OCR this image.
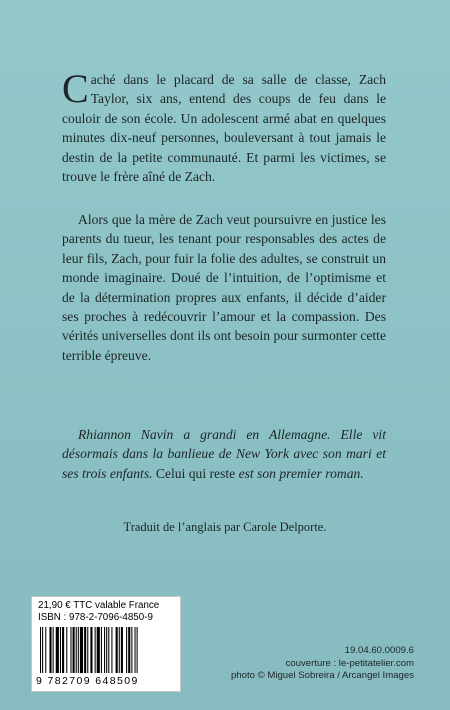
Caché dans le placard de sa salle de classe, Zach Taylor, six ans, entend des coups de feu dans le couloir de son école. Un adolescent armé abat en quelques minutes dix-neuf personnes, bouleversant à tout jamais le destin de la petite communauté. Et parmi les victimes, se trouve le frère aîné de Zach.
Alors que la mère de Zach veut poursuivre en justice les parents du tueur, les tenant pour responsables des actes de leur fils, Zach, pour fuir la folie des adultes, se construit un monde imaginaire. Doué de l’intuition, de l’optimisme et de la détermination propres aux enfants, il décide d’aider ses proches à redécouvrir l’amour et la compassion. Des vérités universelles dont ils ont besoin pour surmonter cette terrible épreuve.
Rhiannon Navin a grandi en Allemagne. Elle vit désormais dans la banlieue de New York avec son mari et ses trois enfants. Celui qui reste est son premier roman.
Traduit de l’anglais par Carole Delporte.
21,90 € TTC valable France
ISBN : 978-2-7096-4850-9
9 782709 648509
19.04.60.0009.6
couverture : le-petitatelier.com
photo © Miguel Sobreira / Arcangel Images
